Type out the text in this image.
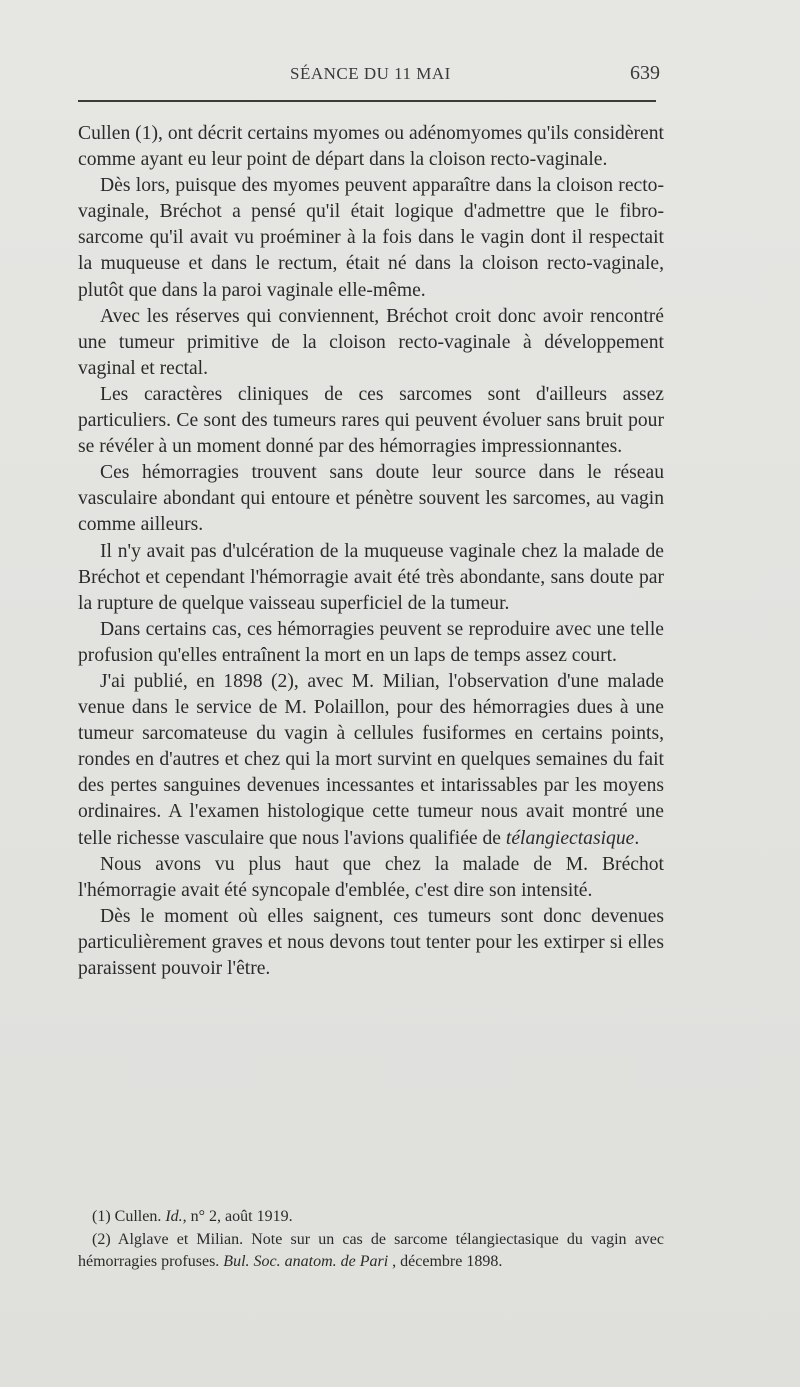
SÉANCE DU 11 MAI	639

Cullen (1), ont décrit certains myomes ou adénomyomes qu'ils considèrent comme ayant eu leur point de départ dans la cloison recto-vaginale.

Dès lors, puisque des myomes peuvent apparaître dans la cloison recto-vaginale, Bréchot a pensé qu'il était logique d'admettre que le fibro-sarcome qu'il avait vu proéminer à la fois dans le vagin dont il respectait la muqueuse et dans le rectum, était né dans la cloison recto-vaginale, plutôt que dans la paroi vaginale elle-même.

Avec les réserves qui conviennent, Bréchot croit donc avoir rencontré une tumeur primitive de la cloison recto-vaginale à développement vaginal et rectal.

Les caractères cliniques de ces sarcomes sont d'ailleurs assez particuliers. Ce sont des tumeurs rares qui peuvent évoluer sans bruit pour se révéler à un moment donné par des hémorragies impressionnantes.

Ces hémorragies trouvent sans doute leur source dans le réseau vasculaire abondant qui entoure et pénètre souvent les sarcomes, au vagin comme ailleurs.

Il n'y avait pas d'ulcération de la muqueuse vaginale chez la malade de Bréchot et cependant l'hémorragie avait été très abondante, sans doute par la rupture de quelque vaisseau superficiel de la tumeur.

Dans certains cas, ces hémorragies peuvent se reproduire avec une telle profusion qu'elles entraînent la mort en un laps de temps assez court.

J'ai publié, en 1898 (2), avec M. Milian, l'observation d'une malade venue dans le service de M. Polaillon, pour des hémorragies dues à une tumeur sarcomateuse du vagin à cellules fusiformes en certains points, rondes en d'autres et chez qui la mort survint en quelques semaines du fait des pertes sanguines devenues incessantes et intarissables par les moyens ordinaires. A l'examen histologique cette tumeur nous avait montré une telle richesse vasculaire que nous l'avions qualifiée de télangiectasique.

Nous avons vu plus haut que chez la malade de M. Bréchot l'hémorragie avait été syncopale d'emblée, c'est dire son intensité.

Dès le moment où elles saignent, ces tumeurs sont donc devenues particulièrement graves et nous devons tout tenter pour les extirper si elles paraissent pouvoir l'être.

(1) Cullen. Id., n° 2, août 1919.

(2) Alglave et Milian. Note sur un cas de sarcome télangiectasique du vagin avec hémorragies profuses. Bul. Soc. anatom. de Pari , décembre 1898.
